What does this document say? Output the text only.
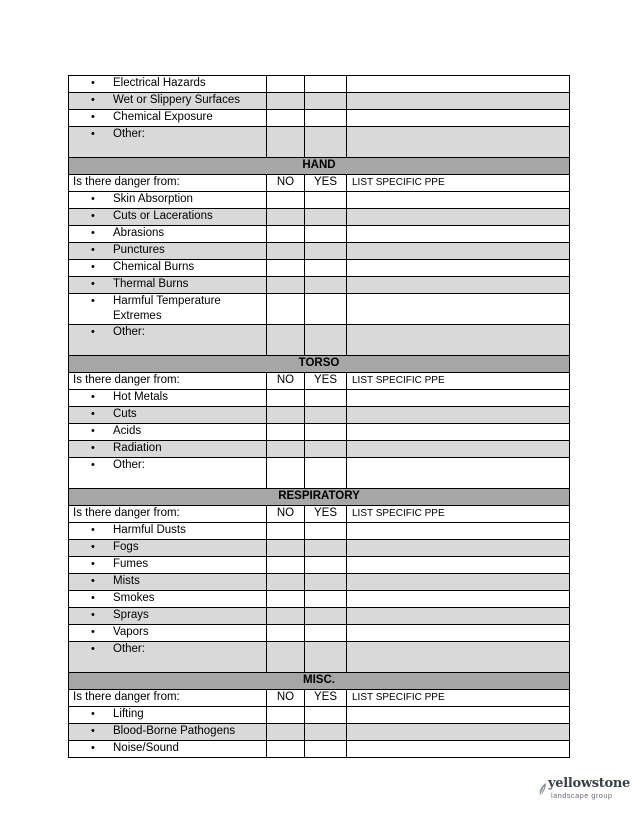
• Electrical Hazards			

• Wet or Slippery Surfaces			

• Chemical Exposure			

• Other:			

HAND			
Is there danger from:	NO	YES	LIST SPECIFIC PPE

• Skin Absorption			

• Cuts or Lacerations			

• Abrasions			

• Punctures			

• Chemical Burns			

• Thermal Burns			

• Harmful Temperature Extremes			

• Other:			

TORSO			
Is there danger from:	NO	YES	LIST SPECIFIC PPE

• Hot Metals			

• Cuts			

• Acids			

• Radiation			

• Other:			

RESPIRATORY			
Is there danger from:	NO	YES	LIST SPECIFIC PPE

• Harmful Dusts			

• Fogs			

• Fumes			

• Mists			

• Smokes			

• Sprays			

• Vapors			

• Other:			

MISC.			
Is there danger from:	NO	YES	LIST SPECIFIC PPE

• Lifting			

• Blood-Borne Pathogens			

• Noise/Sound			

yellowstone
landscape group
